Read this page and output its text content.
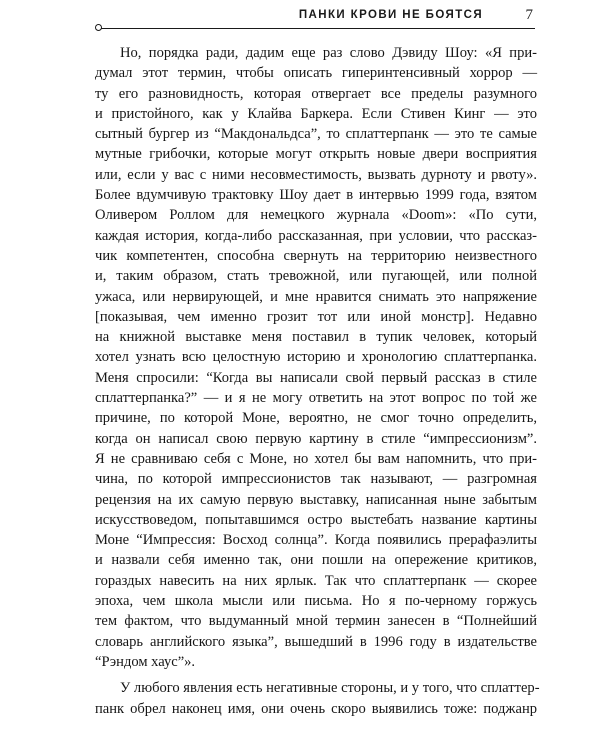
ПАНКИ КРОВИ НЕ БОЯТСЯ	7
Но, порядка ради, дадим еще раз слово Дэвиду Шоу: «Я при-
думал этот термин, чтобы описать гиперинтенсивный хоррор —
ту его разновидность, которая отвергает все пределы разумного
и пристойного, как у Клайва Баркера. Если Стивен Кинг — это
сытный бургер из “Макдональдса”, то сплаттерпанк — это те самые
мутные грибочки, которые могут открыть новые двери восприятия
или, если у вас с ними несовместимость, вызвать дурноту и рвоту».
Более вдумчивую трактовку Шоу дает в интервью 1999 года, взятом
Оливером Роллом для немецкого журнала «Doom»: «По сути,
каждая история, когда-либо рассказанная, при условии, что рассказ-
чик компетентен, способна свернуть на территорию неизвестного
и, таким образом, стать тревожной, или пугающей, или полной
ужаса, или нервирующей, и мне нравится снимать это напряжение
[показывая, чем именно грозит тот или иной монстр]. Недавно
на книжной выставке меня поставил в тупик человек, который
хотел узнать всю целостную историю и хронологию сплаттерпанка.
Меня спросили: “Когда вы написали свой первый рассказ в стиле
сплаттерпанка?” — и я не могу ответить на этот вопрос по той же
причине, по которой Моне, вероятно, не смог точно определить,
когда он написал свою первую картину в стиле “импрессионизм”.
Я не сравниваю себя с Моне, но хотел бы вам напомнить, что при-
чина, по которой импрессионистов так называют, — разгромная
рецензия на их самую первую выставку, написанная ныне забытым
искусствоведом, попытавшимся остро выстебать название картины
Моне “Импрессия: Восход солнца”. Когда появились прерафаэлиты
и назвали себя именно так, они пошли на опережение критиков,
гораздых навесить на них ярлык. Так что сплаттерпанк — скорее
эпоха, чем школа мысли или письма. Но я по-черному горжусь
тем фактом, что выдуманный мной термин занесен в “Полнейший
словарь английского языка”, вышедший в 1996 году в издательстве
“Рэндом хаус”».
У любого явления есть негативные стороны, и у того, что сплаттер-
панк обрел наконец имя, они очень скоро выявились тоже: поджанр
